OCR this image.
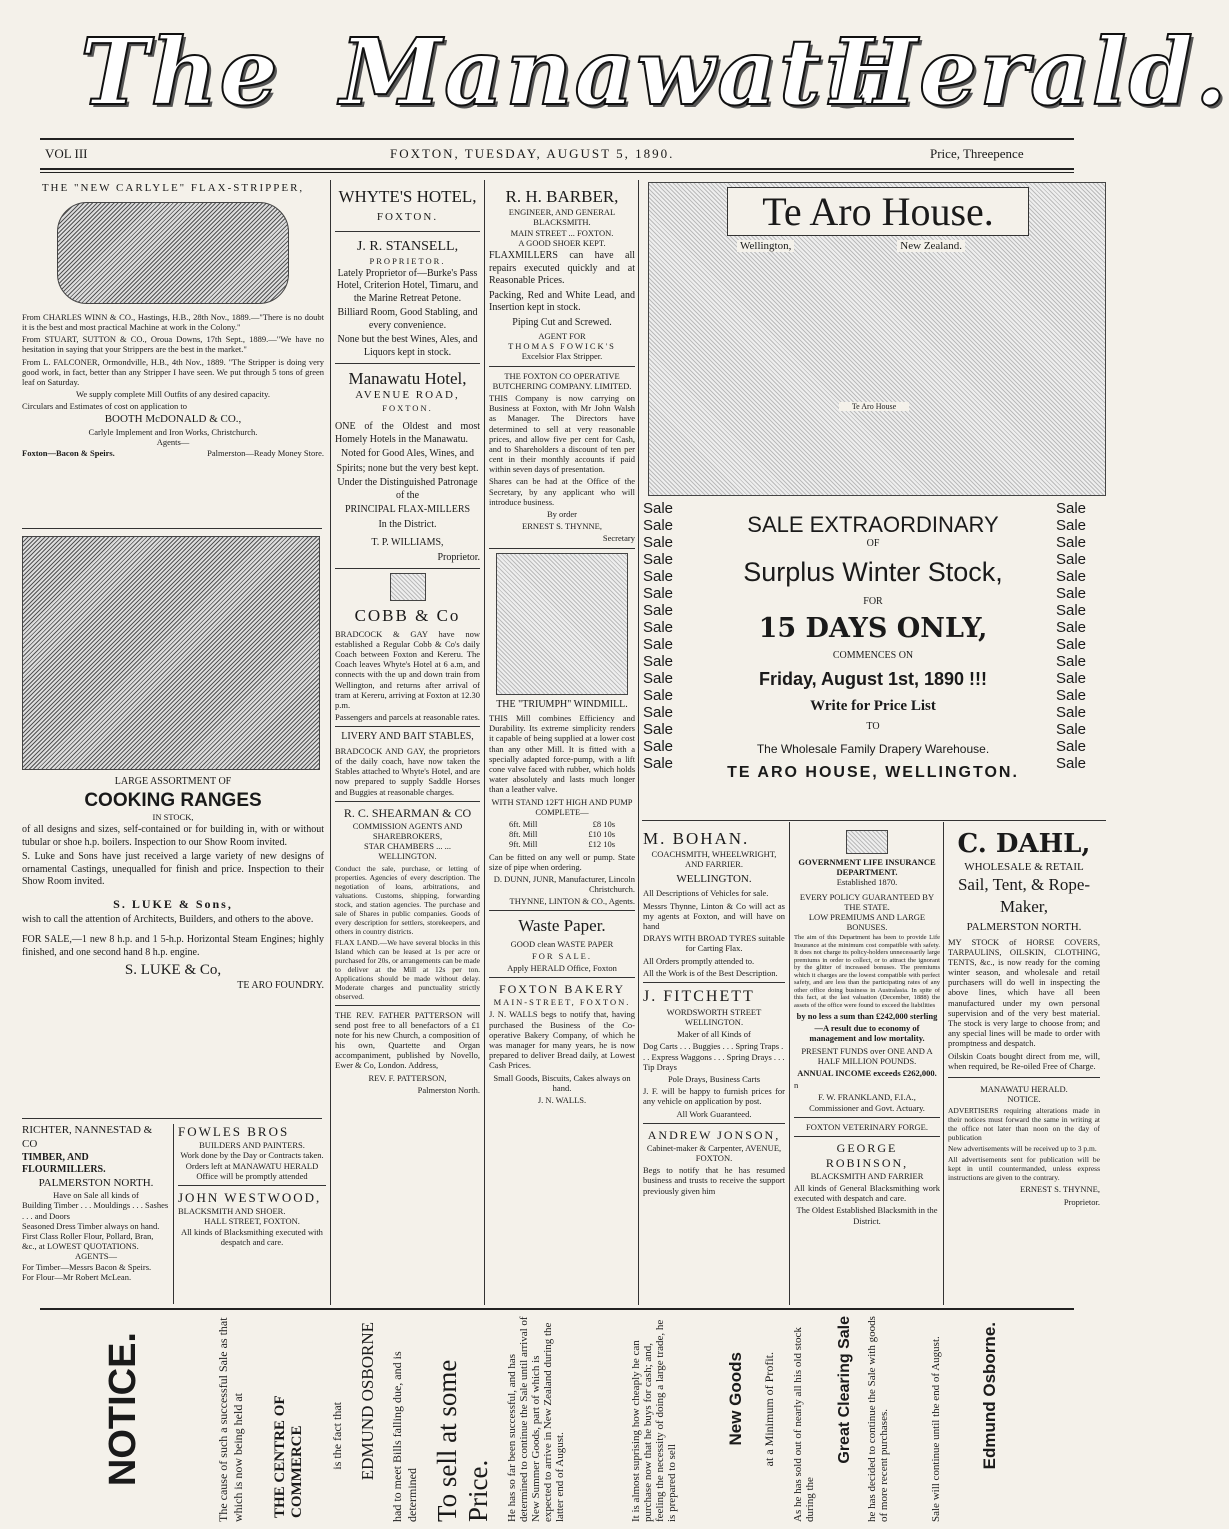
The Manawatu
Herald.
VOL III	FOXTON, TUESDAY, AUGUST 5, 1890.	Price, Threepence
THE "NEW CARLYLE" FLAX-STRIPPER,

From CHARLES WINN & CO., Hastings, H.B., 28th Nov., 1889.—"There is no doubt it is the best and most practical Machine at work in the Colony."

From STUART, SUTTON & CO., Oroua Downs, 17th Sept., 1889.—"We have no hesitation in saying that your Strippers are the best in the market."

From L. FALCONER, Ormondville, H.B., 4th Nov., 1889. "The Stripper is doing very good work, in fact, better than any Stripper I have seen. We put through 5 tons of green leaf on Saturday.

We supply complete Mill Outfits of any desired capacity.

Circulars and Estimates of cost on application to

BOOTH McDONALD & CO.,
Carlyle Implement and Iron Works, Christchurch.
Agents—
Foxton—Bacon & Speirs.	Palmerston—Ready Money Store.
LARGE ASSORTMENT OF
COOKING RANGES
IN STOCK,

of all designs and sizes, self-contained or for building in, with or without tubular or shoe h.p. boilers. Inspection to our Show Room invited.

S. Luke and Sons have just received a large variety of new designs of ornamental Castings, unequalled for finish and price. Inspection to their Show Room invited.

S. LUKE & Sons,

wish to call the attention of Architects, Builders, and others to the above.

FOR SALE,—1 new 8 h.p. and 1 5-h.p. Horizontal Steam Engines; highly finished, and one second hand 8 h.p. engine.

S. LUKE & Co,
TE ARO FOUNDRY.
RICHTER, NANNESTAD & CO
TIMBER, AND FLOURMILLERS.
PALMERSTON NORTH.
Have on Sale all kinds of
Building Timber . . . Mouldings . . . Sashes . . . and Doors
Seasoned Dress Timber always on hand.
First Class Roller Flour, Pollard, Bran, &c., at LOWEST QUOTATIONS.
AGENTS—
For Timber—Messrs Bacon & Speirs.
For Flour—Mr Robert McLean.
FOWLES BROS
BUILDERS AND PAINTERS.
Work done by the Day or Contracts taken.
Orders left at MANAWATU HERALD Office will be promptly attended
JOHN WESTWOOD,
BLACKSMITH AND SHOER.
HALL STREET, FOXTON.
All kinds of Blacksmithing executed with despatch and care.
WHYTE'S HOTEL,
FOXTON.
J. R. STANSELL,
PROPRIETOR.

Lately Proprietor of—Burke's Pass Hotel, Criterion Hotel, Timaru, and the Marine Retreat Petone.

Billiard Room, Good Stabling, and every convenience.

None but the best Wines, Ales, and Liquors kept in stock.

Manawatu Hotel,
AVENUE ROAD,
FOXTON.

ONE of the Oldest and most Homely Hotels in the Manawatu.

Noted for Good Ales, Wines, and

Spirits; none but the very best kept.

Under the Distinguished Patronage of the

PRINCIPAL FLAX-MILLERS

In the District.

T. P. WILLIAMS,

Proprietor.

COBB & Co

BRADCOCK & GAY have now established a Regular Cobb & Co's daily Coach between Foxton and Kereru. The Coach leaves Whyte's Hotel at 6 a.m, and connects with the up and down train from Wellington, and returns after arrival of tram at Kereru, arriving at Foxton at 12.30 p.m.

Passengers and parcels at reasonable rates.

LIVERY AND BAIT STABLES,

BRADCOCK AND GAY, the proprietors of the daily coach, have now taken the Stables attached to Whyte's Hotel, and are now prepared to supply Saddle Horses and Buggies at reasonable charges.

R. C. SHEARMAN & CO
COMMISSION AGENTS AND SHAREBROKERS,
STAR CHAMBERS ... ... WELLINGTON.

Conduct the sale, purchase, or letting of properties. Agencies of every description. The negotiation of loans, arbitrations, and valuations. Customs, shipping, forwarding stock, and station agencies. The purchase and sale of Shares in public companies. Goods of every description for settlers, storekeepers, and others in country districts.

FLAX LAND.—We have several blocks in this Island which can be leased at 1s per acre or purchased for 20s, or arrangements can be made to deliver at the Mill at 12s per ton. Applications should be made without delay. Moderate charges and punctuality strictly observed.

THE REV. FATHER PATTERSON will send post free to all benefactors of a £1 note for his new Church, a composition of his own, Quartette and Organ accompaniment, published by Novello, Ewer & Co, London. Address,

REV. F. PATTERSON,

Palmerston North.

R. H. BARBER,
ENGINEER, AND GENERAL BLACKSMITH.
MAIN STREET ... FOXTON.
A GOOD SHOER KEPT.

FLAXMILLERS can have all repairs executed quickly and at Reasonable Prices.

Packing, Red and White Lead, and Insertion kept in stock.

Piping Cut and Screwed.

AGENT FOR
THOMAS FOWICK'S
Excelsior Flax Stripper.
THE FOXTON CO OPERATIVE BUTCHERING COMPANY. LIMITED.

THIS Company is now carrying on Business at Foxton, with Mr John Walsh as Manager. The Directors have determined to sell at very reasonable prices, and allow five per cent for Cash, and to Shareholders a discount of ten per cent in their monthly accounts if paid within seven days of presentation.

Shares can be had at the Office of the Secretary, by any applicant who will introduce business.

By order

ERNEST S. THYNNE,

Secretary

THE "TRIUMPH" WINDMILL.

THIS Mill combines Efficiency and Durability. Its extreme simplicity renders it capable of being supplied at a lower cost than any other Mill. It is fitted with a specially adapted force-pump, with a lift cone valve faced with rubber, which holds water absolutely and lasts much longer than a leather valve.

WITH STAND 12FT HIGH AND PUMP COMPLETE—

6ft. Mill	£8 10s
8ft. Mill	£10 10s
9ft. Mill	£12 10s

Can be fitted on any well or pump. State size of pipe when ordering.

D. DUNN, JUNR, Manufacturer, Lincoln Christchurch.

THYNNE, LINTON & CO., Agents.

Waste Paper.

GOOD clean WASTE PAPER

FOR SALE.

Apply HERALD Office, Foxton

FOXTON BAKERY
MAIN-STREET, FOXTON.

J. N. WALLS begs to notify that, having purchased the Business of the Co-operative Bakery Company, of which he was manager for many years, he is now prepared to deliver Bread daily, at Lowest Cash Prices.

Small Goods, Biscuits, Cakes always on hand.

J. N. WALLS.

Te Aro House.
Wellington,	New Zealand.
Te Aro House
Sale
Sale
Sale
Sale
Sale
Sale
Sale
Sale
Sale
Sale
Sale
Sale
Sale
Sale
Sale
Sale
Sale
Sale
Sale
Sale
Sale
Sale
Sale
Sale
Sale
Sale
Sale
Sale
Sale
Sale
Sale
Sale
SALE EXTRAORDINARY
OF
Surplus Winter Stock,
FOR
15 DAYS ONLY,
COMMENCES ON
Friday, August 1st, 1890 !!!
Write for Price List
TO
The Wholesale Family Drapery Warehouse.
TE ARO HOUSE, WELLINGTON.
M. BOHAN.
COACHSMITH, WHEELWRIGHT, AND FARRIER.
WELLINGTON.

All Descriptions of Vehicles for sale.

Messrs Thynne, Linton & Co will act as my agents at Foxton, and will have on hand

DRAYS WITH BROAD TYRES suitable for Carting Flax.

All Orders promptly attended to.

All the Work is of the Best Description.

J. FITCHETT
WORDSWORTH STREET WELLINGTON.

Maker of all Kinds of

Dog Carts . . . Buggies . . . Spring Traps . . . Express Waggons . . . Spring Drays . . . Tip Drays

Pole Drays, Business Carts

J. F. will be happy to furnish prices for any vehicle on application by post.

All Work Guaranteed.

ANDREW JONSON,
Cabinet-maker & Carpenter, AVENUE, FOXTON.

Begs to notify that he has resumed business and trusts to receive the support previously given him

GOVERNMENT LIFE INSURANCE DEPARTMENT.
Established 1870.
EVERY POLICY GUARANTEED BY THE STATE.
LOW PREMIUMS AND LARGE BONUSES.

The aim of this Department has been to provide Life Insurance at the minimum cost compatible with safety. It does not charge its policy-holders unnecessarily large premiums in order to collect, or to attract the ignorant by the glitter of increased bonuses. The premiums which it charges are the lowest compatible with perfect safety, and are less than the participating rates of any other office doing business in Australasia. In spite of this fact, at the last valuation (December, 1888) the assets of the office were found to exceed the liabilities

by no less a sum than £242,000 sterling

—A result due to economy of management and low mortality.

PRESENT FUNDS over ONE AND A HALF MILLION POUNDS.

ANNUAL INCOME exceeds £262,000.

n

F. W. FRANKLAND, F.I.A., Commissioner and Govt. Actuary.

FOXTON VETERINARY FORGE.
GEORGE ROBINSON,
BLACKSMITH AND FARRIER

All kinds of General Blacksmithing work executed with despatch and care.

The Oldest Established Blacksmith in the District.

C. DAHL,
WHOLESALE & RETAIL
Sail, Tent, & Rope-Maker,
PALMERSTON NORTH.

MY STOCK of HORSE COVERS, TARPAULINS, OILSKIN, CLOTHING, TENTS, &c., is now ready for the coming winter season, and wholesale and retail purchasers will do well in inspecting the above lines, which have all been manufactured under my own personal supervision and of the very best material. The stock is very large to choose from; and any special lines will be made to order with promptness and despatch.

Oilskin Coats bought direct from me, will, when required, be Re-oiled Free of Charge.

MANAWATU HERALD.
NOTICE.

ADVERTISERS requiring alterations made in their notices must forward the same in writing at the office not later than noon on the day of publication

New advertisements will be received up to 3 p.m.

All advertisements sent for publication will be kept in until countermanded, unless express instructions are given to the contrary.

ERNEST S. THYNNE,

Proprietor.

NOTICE.	The cause of such a successful Sale as that which is now being held at	THE CENTRE OF COMMERCE	is the fact that EDMUND OSBORNE had to meet Bills falling due, and is determined To sell at some Price.	He has so far been successful, and has determined to continue the Sale until arrival of New Summer Goods, part of which is expected to arrive in New Zealand during the latter end of August.	It is almost suprising how cheaply he can purchase now that he buys for cash; and, feeling the necessity of doing a large trade, he is prepared to sell
New Goods at a Minimum of Profit. As he has sold out of nearly all his old stock during the
Great Clearing Sale he has decided to continue the Sale with goods of more recent purchases.	Sale will continue until the end of August.	Edmund Osborne.
